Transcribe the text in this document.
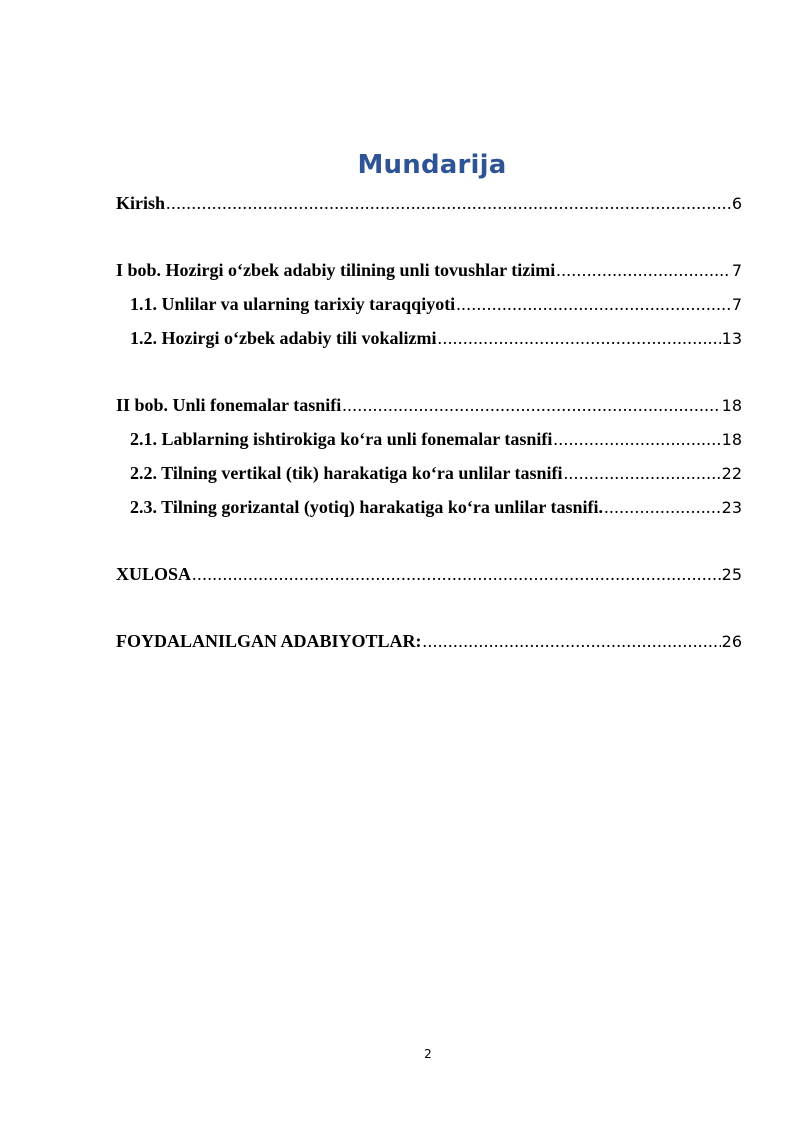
Mundarija
Kirish .....	6
I bob. Hozirgi o‘zbek adabiy tilining unli tovushlar tizimi .....	7
1.1. Unlilar va ularning tarixiy taraqqiyoti .....	7
1.2. Hozirgi o‘zbek adabiy tili vokalizmi .....	13
II bob. Unli fonemalar tasnifi .....	18
2.1. Lablarning ishtirokiga ko‘ra unli fonemalar tasnifi .....	18
2.2. Tilning vertikal (tik) harakatiga ko‘ra unlilar tasnifi .....	22
2.3. Tilning gorizantal (yotiq) harakatiga ko‘ra unlilar tasnifi. .....	23
XULOSA .....	25
FOYDALANILGAN ADABIYOTLAR: .....	26
2
